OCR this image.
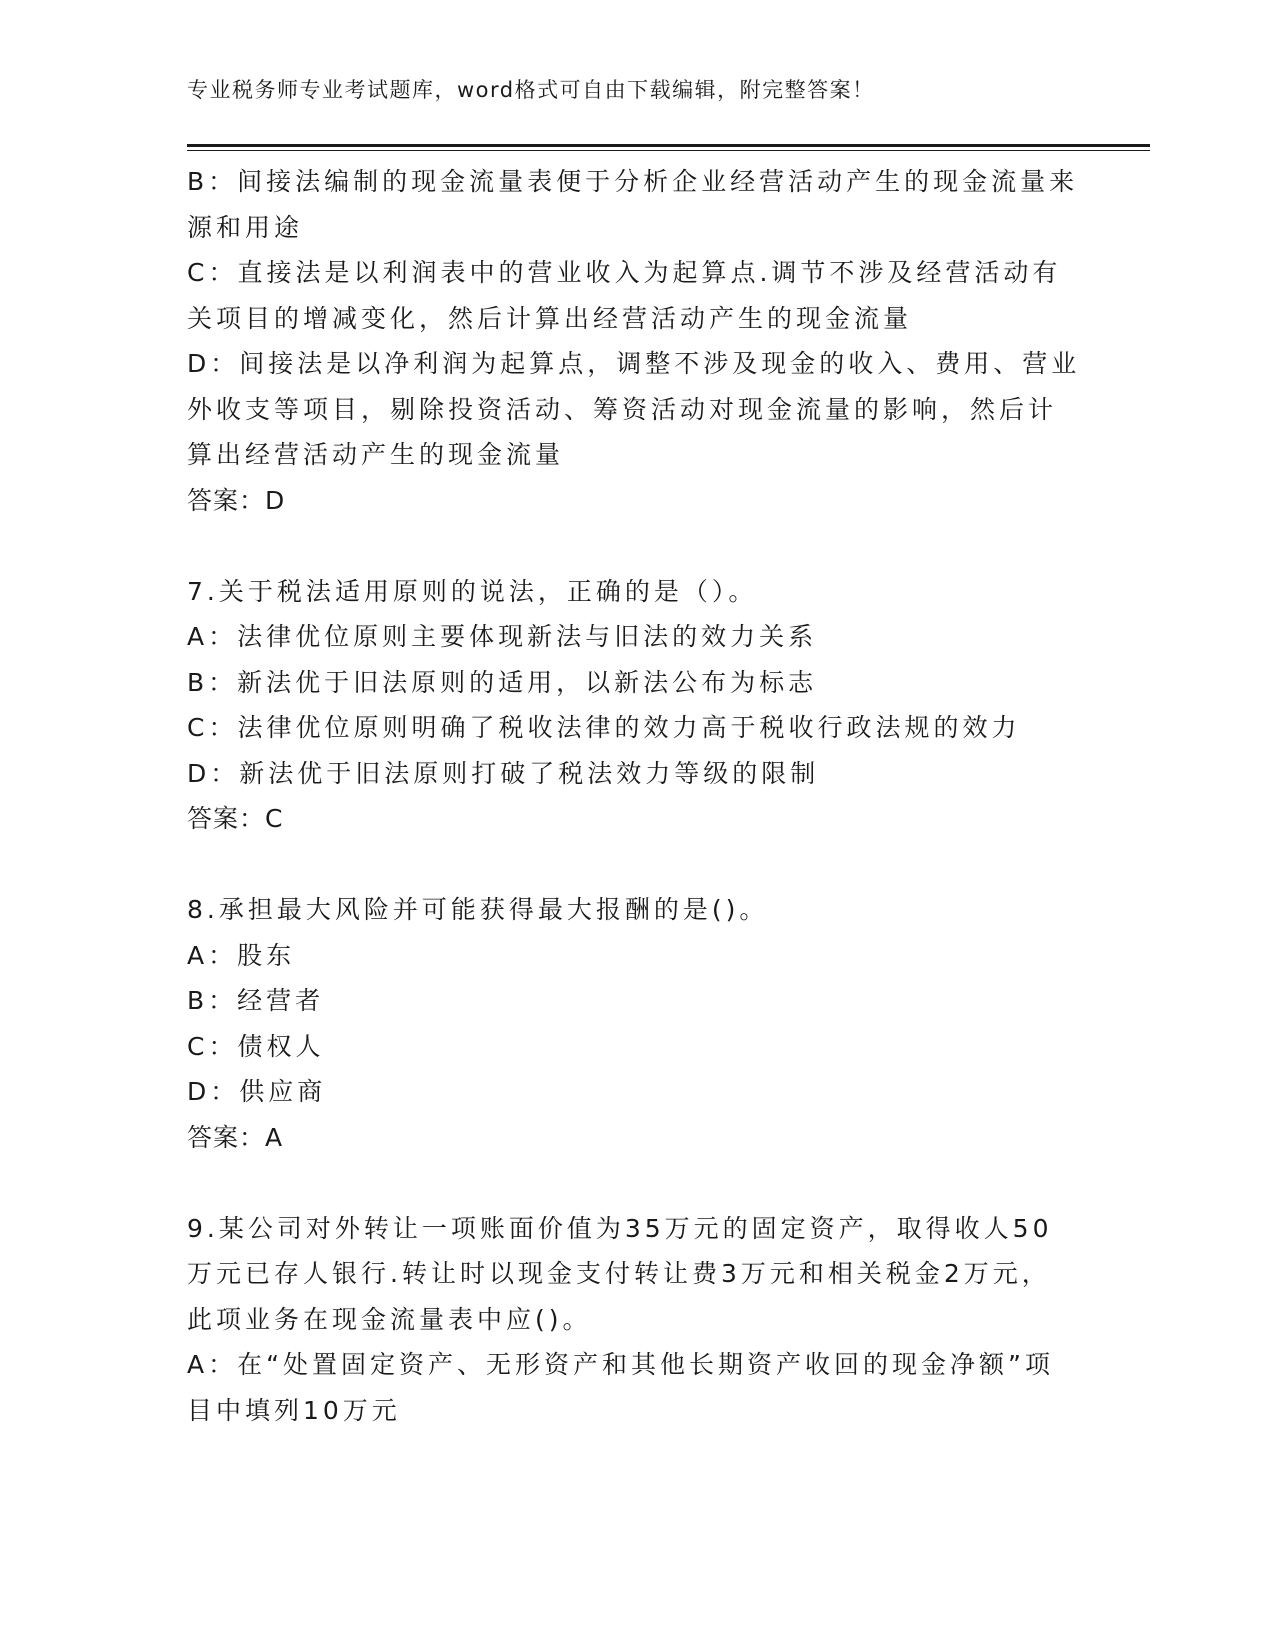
专业税务师专业考试题库，word格式可自由下载编辑，附完整答案！
B：间接法编制的现金流量表便于分析企业经营活动产生的现金流量来
源和用途
C：直接法是以利润表中的营业收入为起算点.调节不涉及经营活动有
关项目的增减变化，然后计算出经营活动产生的现金流量
D：间接法是以净利润为起算点，调整不涉及现金的收入、费用、营业
外收支等项目，剔除投资活动、筹资活动对现金流量的影响，然后计
算出经营活动产生的现金流量
答案：D
7.关于税法适用原则的说法，正确的是（）。
A：法律优位原则主要体现新法与旧法的效力关系
B：新法优于旧法原则的适用，以新法公布为标志
C：法律优位原则明确了税收法律的效力高于税收行政法规的效力
D：新法优于旧法原则打破了税法效力等级的限制
答案：C
8.承担最大风险并可能获得最大报酬的是()。
A：股东
B：经营者
C：债权人
D：供应商
答案：A
9.某公司对外转让一项账面价值为35万元的固定资产，取得收人50
万元已存人银行.转让时以现金支付转让费3万元和相关税金2万元，
此项业务在现金流量表中应()。
A：在“处置固定资产、无形资产和其他长期资产收回的现金净额”项
目中填列10万元
